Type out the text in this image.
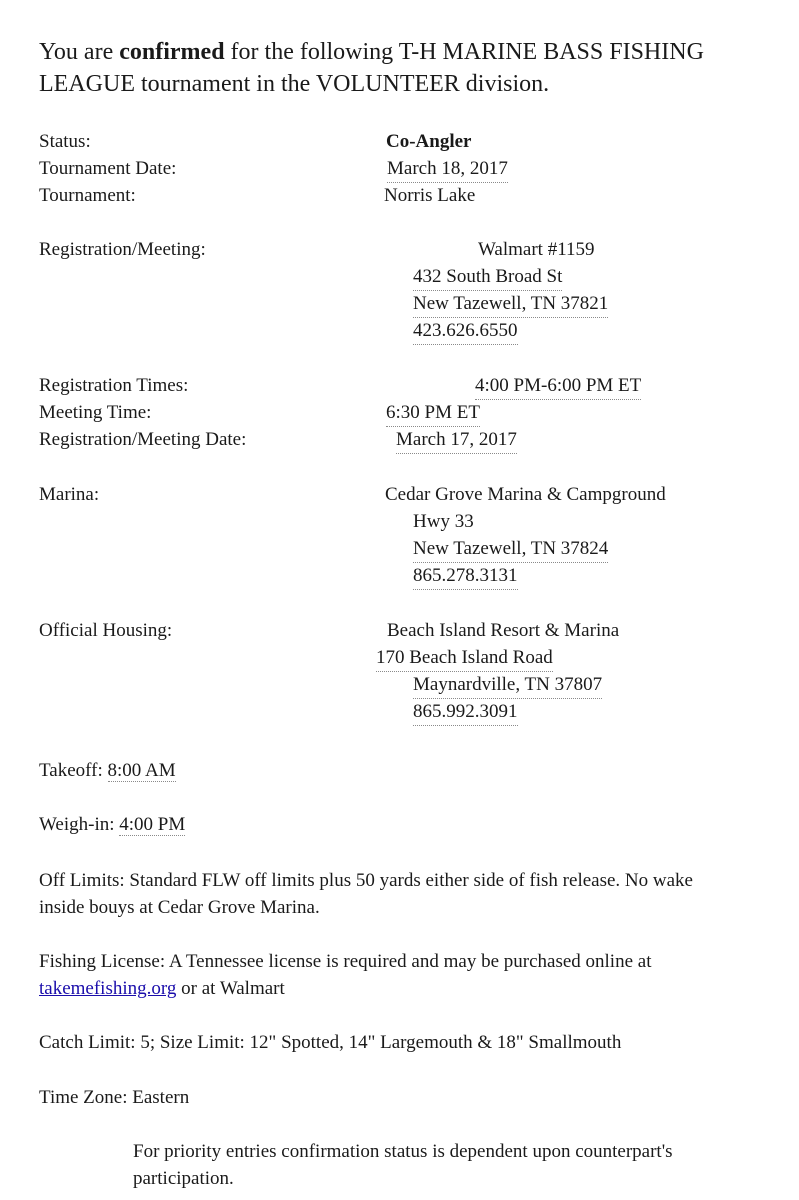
You are confirmed for the following T-H MARINE BASS FISHING LEAGUE tournament in the VOLUNTEER division.
Status:	Co-Angler
Tournament Date:	March 18, 2017
Tournament:	Norris Lake
Registration/Meeting:	Walmart #1159
432 South Broad St
New Tazewell, TN 37821
423.626.6550
Registration Times:	4:00 PM-6:00 PM ET
Meeting Time:	6:30 PM ET
Registration/Meeting Date:	March 17, 2017
Marina:	Cedar Grove Marina & Campground
Hwy 33
New Tazewell, TN 37824
865.278.3131
Official Housing:	Beach Island Resort & Marina
170 Beach Island Road
Maynardville, TN 37807
865.992.3091
Takeoff: 8:00 AM
Weigh-in: 4:00 PM
Off Limits: Standard FLW off limits plus 50 yards either side of fish release. No wake inside bouys at Cedar Grove Marina.
Fishing License: A Tennessee license is required and may be purchased online at takemefishing.org or at Walmart
Catch Limit: 5; Size Limit: 12" Spotted, 14" Largemouth & 18" Smallmouth
Time Zone: Eastern
For priority entries confirmation status is dependent upon counterpart's participation.
